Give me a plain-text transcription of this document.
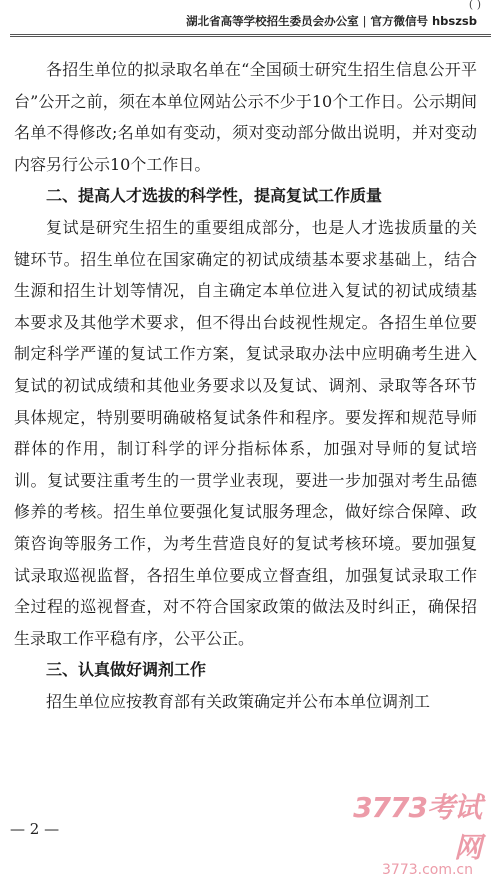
( )
湖北省高等学校招生委员会办公室 | 官方微信号 hbszsb

各招生单位的拟录取名单在“全国硕士研究生招生信息公开平台”公开之前，须在本单位网站公示不少于10个工作日。公示期间名单不得修改;名单如有变动，须对变动部分做出说明，并对变动内容另行公示10个工作日。

二、提高人才选拔的科学性，提高复试工作质量

复试是研究生招生的重要组成部分，也是人才选拔质量的关键环节。招生单位在国家确定的初试成绩基本要求基础上，结合生源和招生计划等情况，自主确定本单位进入复试的初试成绩基本要求及其他学术要求，但不得出台歧视性规定。各招生单位要制定科学严谨的复试工作方案，复试录取办法中应明确考生进入复试的初试成绩和其他业务要求以及复试、调剂、录取等各环节具体规定，特别要明确破格复试条件和程序。要发挥和规范导师群体的作用，制订科学的评分指标体系，加强对导师的复试培训。复试要注重考生的一贯学业表现，要进一步加强对考生品德修养的考核。招生单位要强化复试服务理念，做好综合保障、政策咨询等服务工作，为考生营造良好的复试考核环境。要加强复试录取巡视监督，各招生单位要成立督查组，加强复试录取工作全过程的巡视督查，对不符合国家政策的做法及时纠正，确保招生录取工作平稳有序，公平公正。

三、认真做好调剂工作

招生单位应按教育部有关政策确定并公布本单位调剂工

— 2 —
3773考试网
3773.com.cn
